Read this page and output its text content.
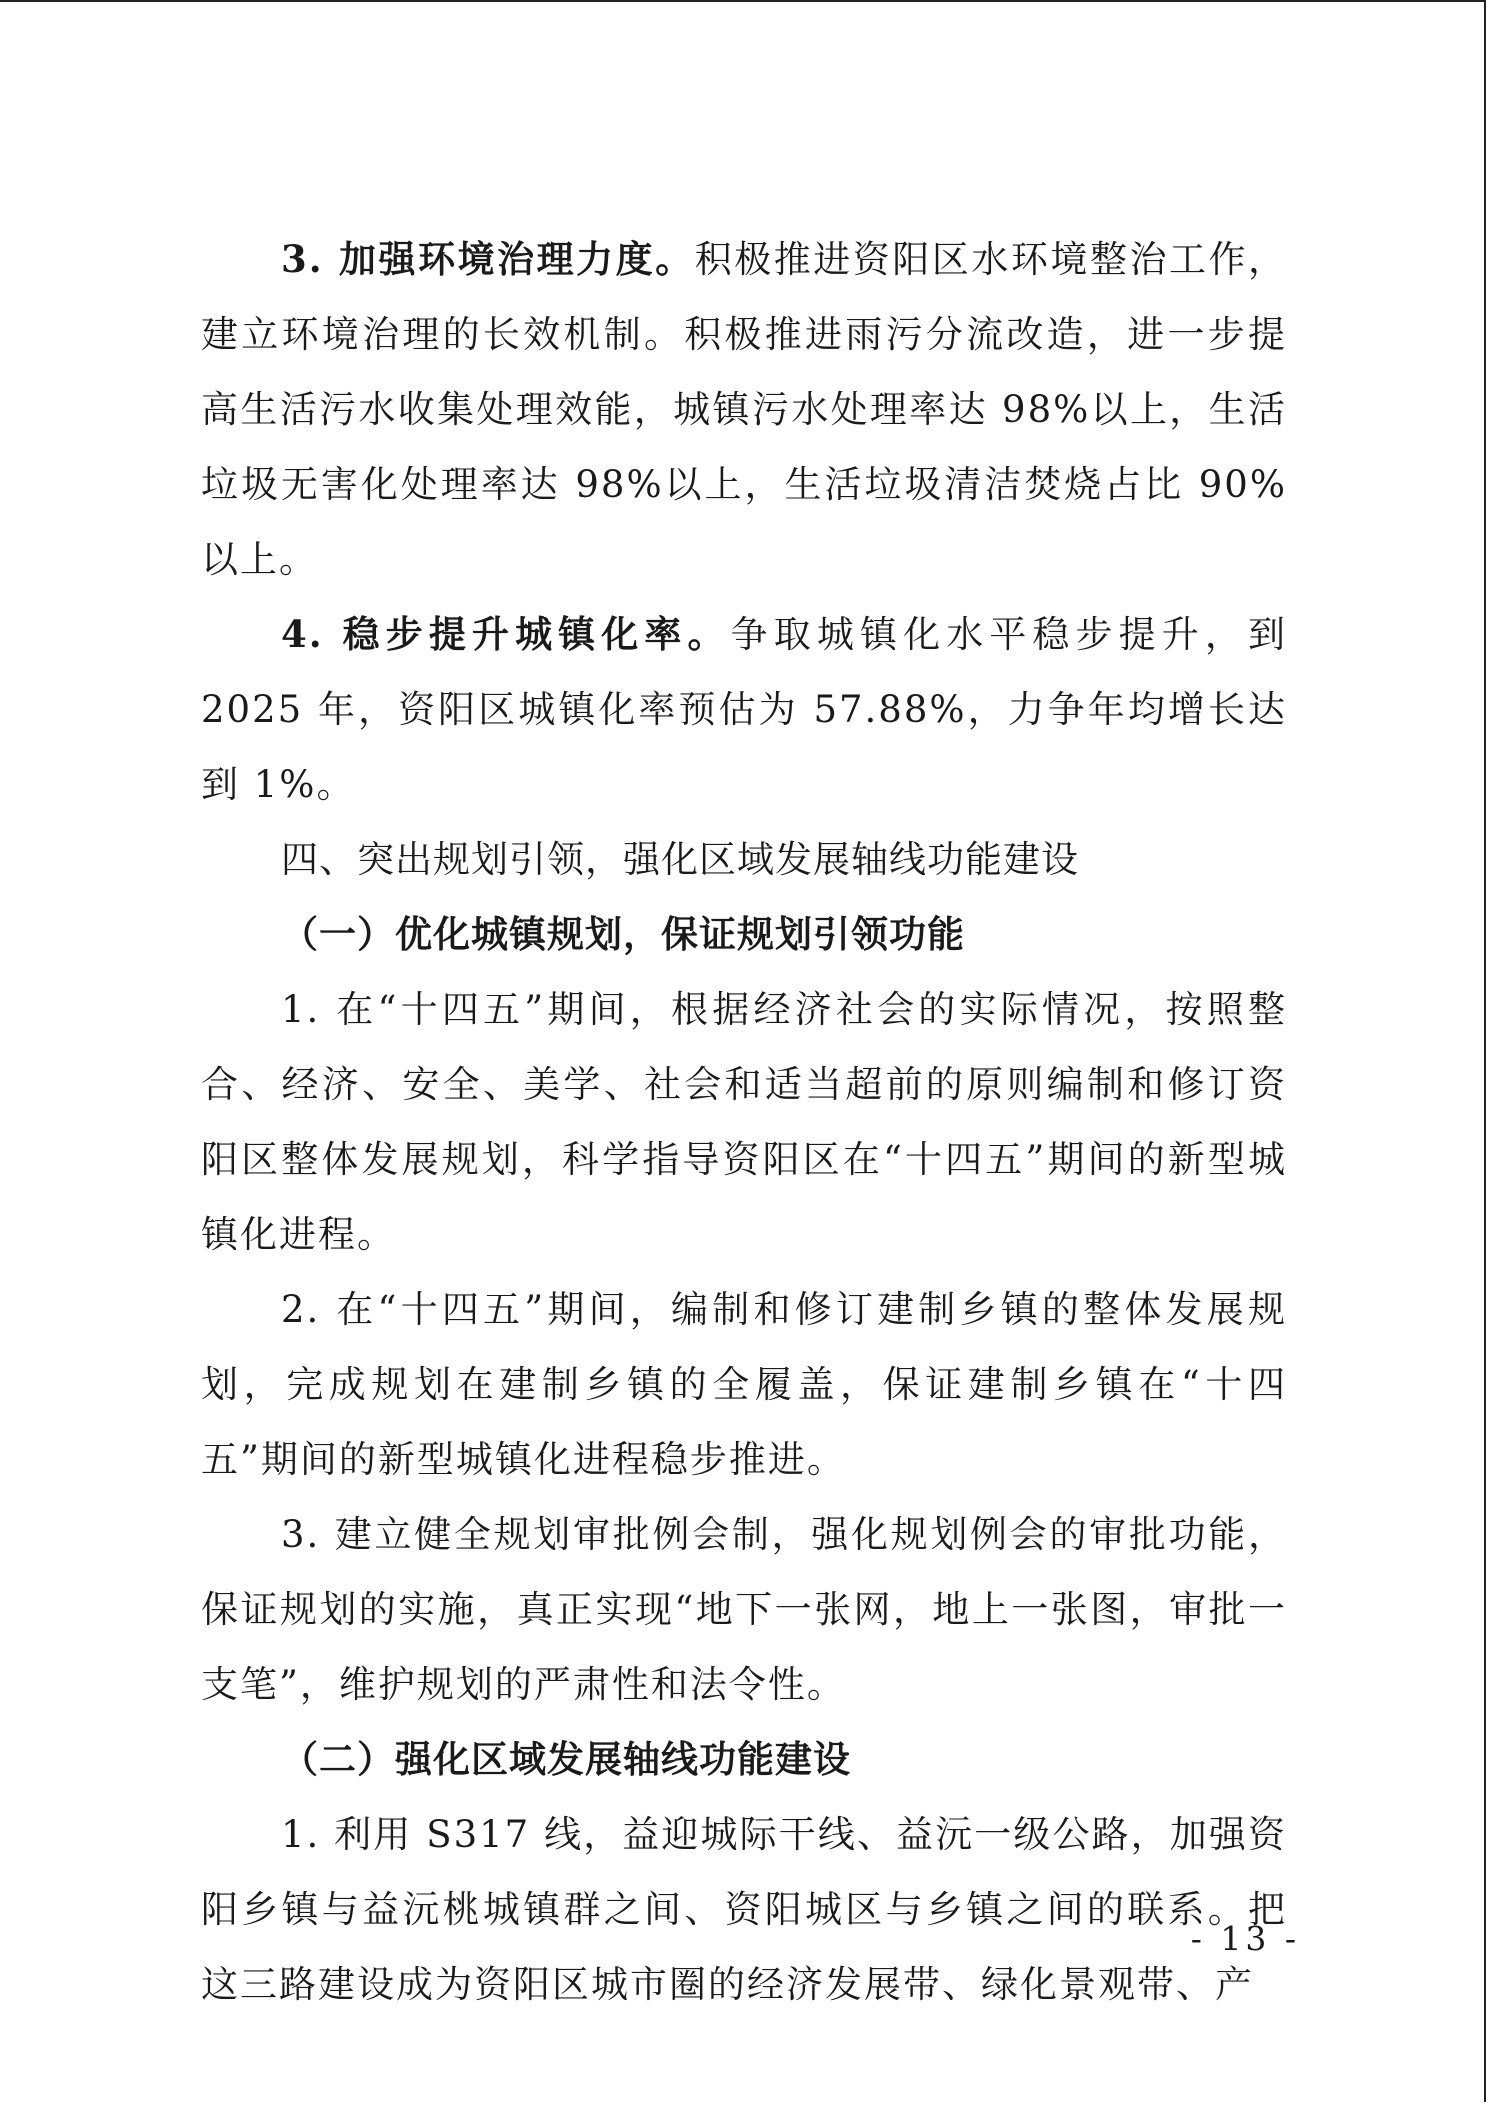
3. 加强环境治理力度。积极推进资阳区水环境整治工作，建立环境治理的长效机制。积极推进雨污分流改造，进一步提高生活污水收集处理效能，城镇污水处理率达 98%以上，生活垃圾无害化处理率达 98%以上，生活垃圾清洁焚烧占比 90%以上。

4. 稳步提升城镇化率。争取城镇化水平稳步提升，到 2025 年，资阳区城镇化率预估为 57.88%，力争年均增长达到 1%。

四、突出规划引领，强化区域发展轴线功能建设

（一）优化城镇规划，保证规划引领功能

1. 在“十四五”期间，根据经济社会的实际情况，按照整合、经济、安全、美学、社会和适当超前的原则编制和修订资阳区整体发展规划，科学指导资阳区在“十四五”期间的新型城镇化进程。

2. 在“十四五”期间，编制和修订建制乡镇的整体发展规划，完成规划在建制乡镇的全履盖，保证建制乡镇在“十四五”期间的新型城镇化进程稳步推进。

3. 建立健全规划审批例会制，强化规划例会的审批功能，保证规划的实施，真正实现“地下一张网，地上一张图，审批一支笔”，维护规划的严肃性和法令性。

（二）强化区域发展轴线功能建设

1. 利用 S317 线，益迎城际干线、益沅一级公路，加强资阳乡镇与益沅桃城镇群之间、资阳城区与乡镇之间的联系。把这三路建设成为资阳区城市圈的经济发展带、绿化景观带、产

- 13 -
